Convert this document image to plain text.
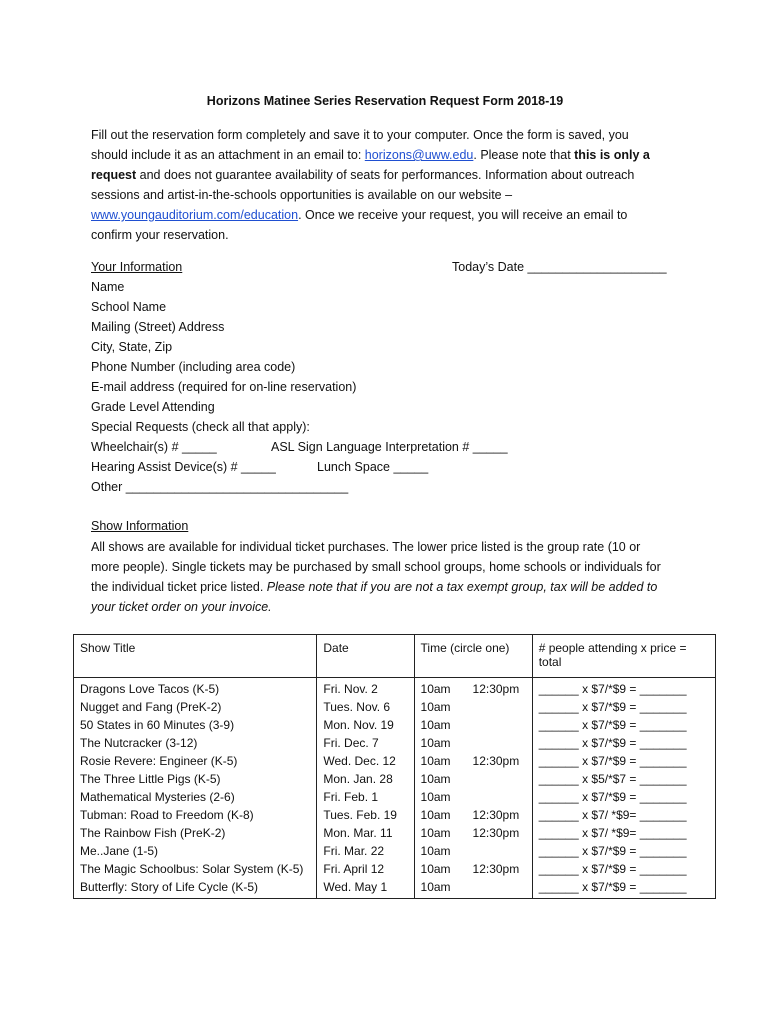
Horizons Matinee Series Reservation Request Form 2018-19
Fill out the reservation form completely and save it to your computer. Once the form is saved, you
should include it as an attachment in an email to: horizons@uww.edu. Please note that this is only a
request and does not guarantee availability of seats for performances. Information about outreach
sessions and artist-in-the-schools opportunities is available on our website –
www.youngauditorium.com/education. Once we receive your request, you will receive an email to
confirm your reservation.
Your Information	Today’s Date ____________________
Name
School Name
Mailing (Street) Address
City, State, Zip
Phone Number (including area code)
E-mail address (required for on-line reservation)
Grade Level Attending
Special Requests (check all that apply):
Wheelchair(s) # _____	ASL Sign Language Interpretation # _____
Hearing Assist Device(s) # _____	Lunch Space _____
Other ________________________________
Show Information
All shows are available for individual ticket purchases. The lower price listed is the group rate (10 or
more people). Single tickets may be purchased by small school groups, home schools or individuals for
the individual ticket price listed. Please note that if you are not a tax exempt group, tax will be added to
your ticket order on your invoice.
Show Title	Date	Time (circle one)	# people attending x price = total

Dragons Love Tacos (K-5)	Fri. Nov. 2	10am 12:30pm	______ x $7/*$9 = _______
Nugget and Fang (PreK-2)	Tues. Nov. 6	10am	______ x $7/*$9 = _______
50 States in 60 Minutes (3-9)	Mon. Nov. 19	10am	______ x $7/*$9 = _______
The Nutcracker (3-12)	Fri. Dec. 7	10am	______ x $7/*$9 = _______
Rosie Revere: Engineer (K-5)	Wed. Dec. 12	10am 12:30pm	______ x $7/*$9 = _______
The Three Little Pigs (K-5)	Mon. Jan. 28	10am	______ x $5/*$7 = _______
Mathematical Mysteries (2-6)	Fri. Feb. 1	10am	______ x $7/*$9 = _______
Tubman: Road to Freedom (K-8)	Tues. Feb. 19	10am 12:30pm	______ x $7/ *$9= _______
The Rainbow Fish (PreK-2)	Mon. Mar. 11	10am 12:30pm	______ x $7/ *$9= _______
Me..Jane (1-5)	Fri. Mar. 22	10am	______ x $7/*$9 = _______
The Magic Schoolbus: Solar System (K-5)	Fri. April 12	10am 12:30pm	______ x $7/*$9 = _______
Butterfly: Story of Life Cycle (K-5)	Wed. May 1	10am	______ x $7/*$9 = _______
